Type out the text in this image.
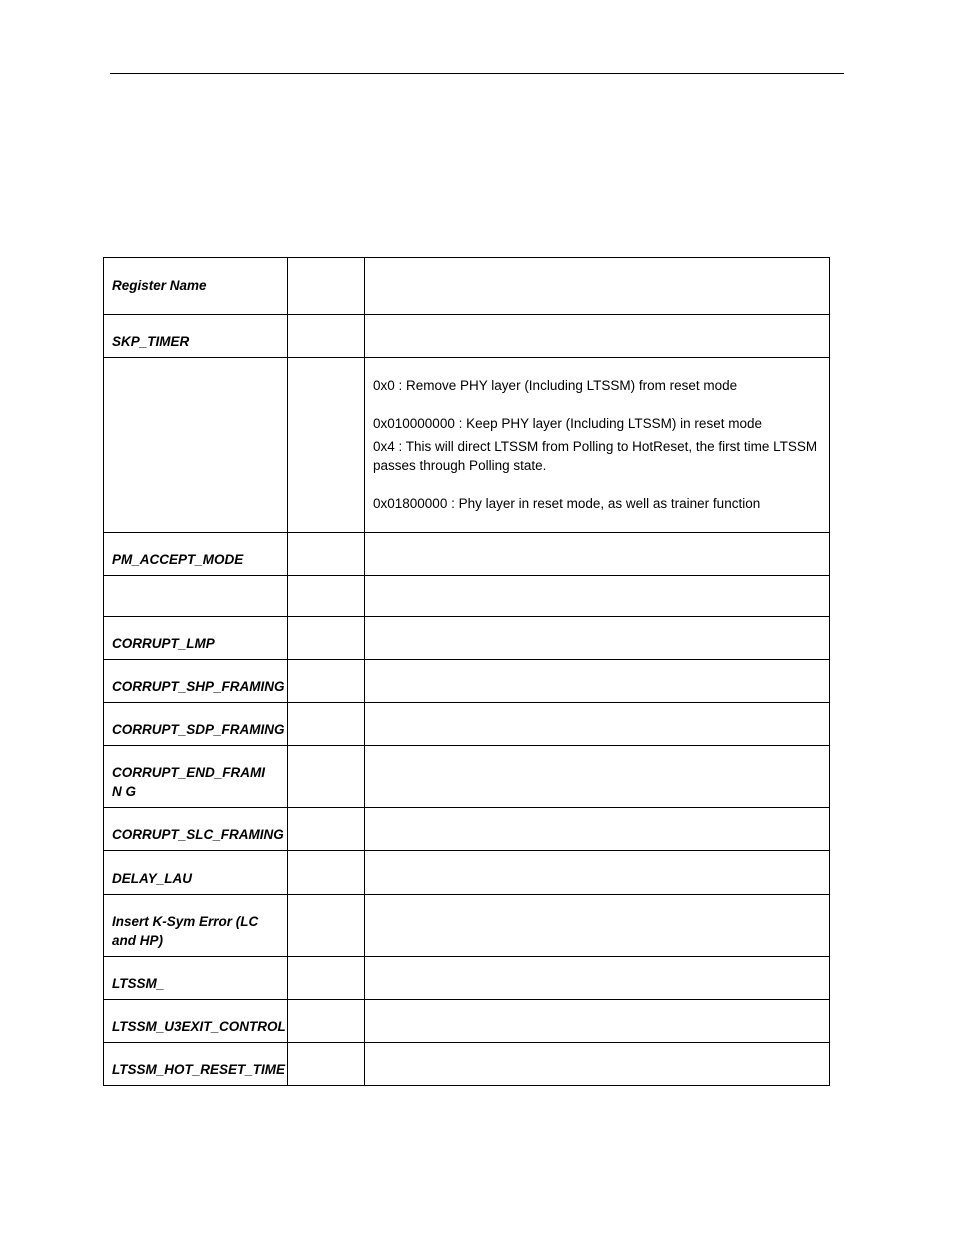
Register Name		
SKP_TIMER		

		0x0 : Remove PHY layer (Including LTSSM) from reset mode
0x010000000 : Keep PHY layer (Including LTSSM) in reset mode
0x4 : This will direct LTSSM from Polling to HotReset, the first time LTSSM passes through Polling state.
0x01800000 : Phy layer in reset mode, as well as trainer function

PM_ACCEPT_MODE		

CORRUPT_LMP		
CORRUPT_SHP_FRAMING		
CORRUPT_SDP_FRAMING		

CORRUPT_END_FRAMIN G		

CORRUPT_SLC_FRAMING		
DELAY_LAU		
Insert K-Sym Error (LC and HP)		
LTSSM_		
LTSSM_U3EXIT_CONTROL		
LTSSM_HOT_RESET_TIME		
